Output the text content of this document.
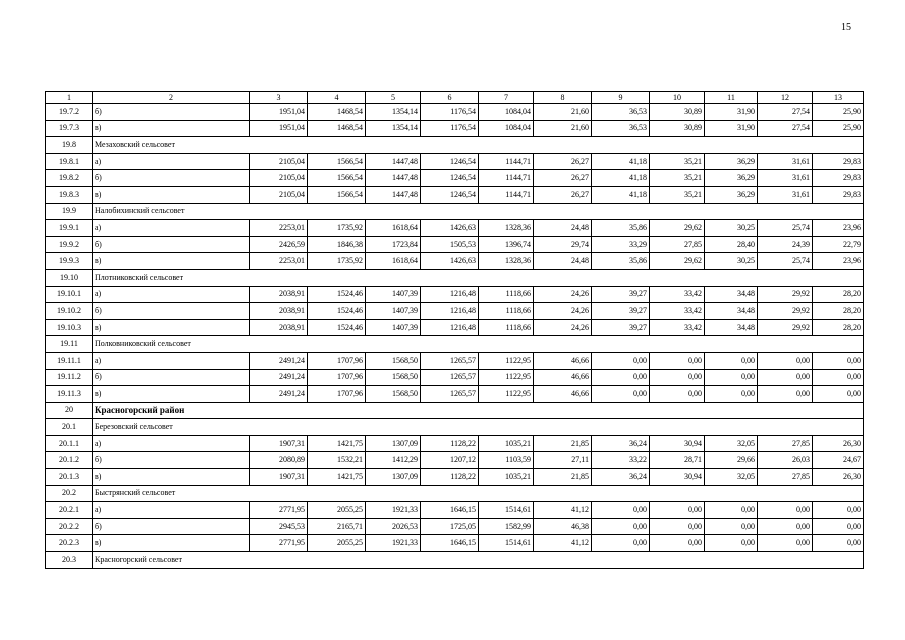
15
1	2	3	4	5	6	7	8	9	10	11	12	13
19.7.2	б)	1951,04	1468,54	1354,14	1176,54	1084,04	21,60	36,53	30,89	31,90	27,54	25,90
19.7.3	в)	1951,04	1468,54	1354,14	1176,54	1084,04	21,60	36,53	30,89	31,90	27,54	25,90
19.8	Мезаховский сельсовет											
19.8.1	а)	2105,04	1566,54	1447,48	1246,54	1144,71	26,27	41,18	35,21	36,29	31,61	29,83
19.8.2	б)	2105,04	1566,54	1447,48	1246,54	1144,71	26,27	41,18	35,21	36,29	31,61	29,83
19.8.3	в)	2105,04	1566,54	1447,48	1246,54	1144,71	26,27	41,18	35,21	36,29	31,61	29,83
19.9	Налобихинский сельсовет											
19.9.1	а)	2253,01	1735,92	1618,64	1426,63	1328,36	24,48	35,86	29,62	30,25	25,74	23,96
19.9.2	б)	2426,59	1846,38	1723,84	1505,53	1396,74	29,74	33,29	27,85	28,40	24,39	22,79
19.9.3	в)	2253,01	1735,92	1618,64	1426,63	1328,36	24,48	35,86	29,62	30,25	25,74	23,96
19.10	Плотниковский сельсовет											
19.10.1	а)	2038,91	1524,46	1407,39	1216,48	1118,66	24,26	39,27	33,42	34,48	29,92	28,20
19.10.2	б)	2038,91	1524,46	1407,39	1216,48	1118,66	24,26	39,27	33,42	34,48	29,92	28,20
19.10.3	в)	2038,91	1524,46	1407,39	1216,48	1118,66	24,26	39,27	33,42	34,48	29,92	28,20
19.11	Полковниковский сельсовет											
19.11.1	а)	2491,24	1707,96	1568,50	1265,57	1122,95	46,66	0,00	0,00	0,00	0,00	0,00
19.11.2	б)	2491,24	1707,96	1568,50	1265,57	1122,95	46,66	0,00	0,00	0,00	0,00	0,00
19.11.3	в)	2491,24	1707,96	1568,50	1265,57	1122,95	46,66	0,00	0,00	0,00	0,00	0,00
20	Красногорский район											
20.1	Березовский сельсовет											
20.1.1	а)	1907,31	1421,75	1307,09	1128,22	1035,21	21,85	36,24	30,94	32,05	27,85	26,30
20.1.2	б)	2080,89	1532,21	1412,29	1207,12	1103,59	27,11	33,22	28,71	29,66	26,03	24,67
20.1.3	в)	1907,31	1421,75	1307,09	1128,22	1035,21	21,85	36,24	30,94	32,05	27,85	26,30
20.2	Быстрянский сельсовет											
20.2.1	а)	2771,95	2055,25	1921,33	1646,15	1514,61	41,12	0,00	0,00	0,00	0,00	0,00
20.2.2	б)	2945,53	2165,71	2026,53	1725,05	1582,99	46,38	0,00	0,00	0,00	0,00	0,00
20.2.3	в)	2771,95	2055,25	1921,33	1646,15	1514,61	41,12	0,00	0,00	0,00	0,00	0,00
20.3	Красногорский сельсовет											
